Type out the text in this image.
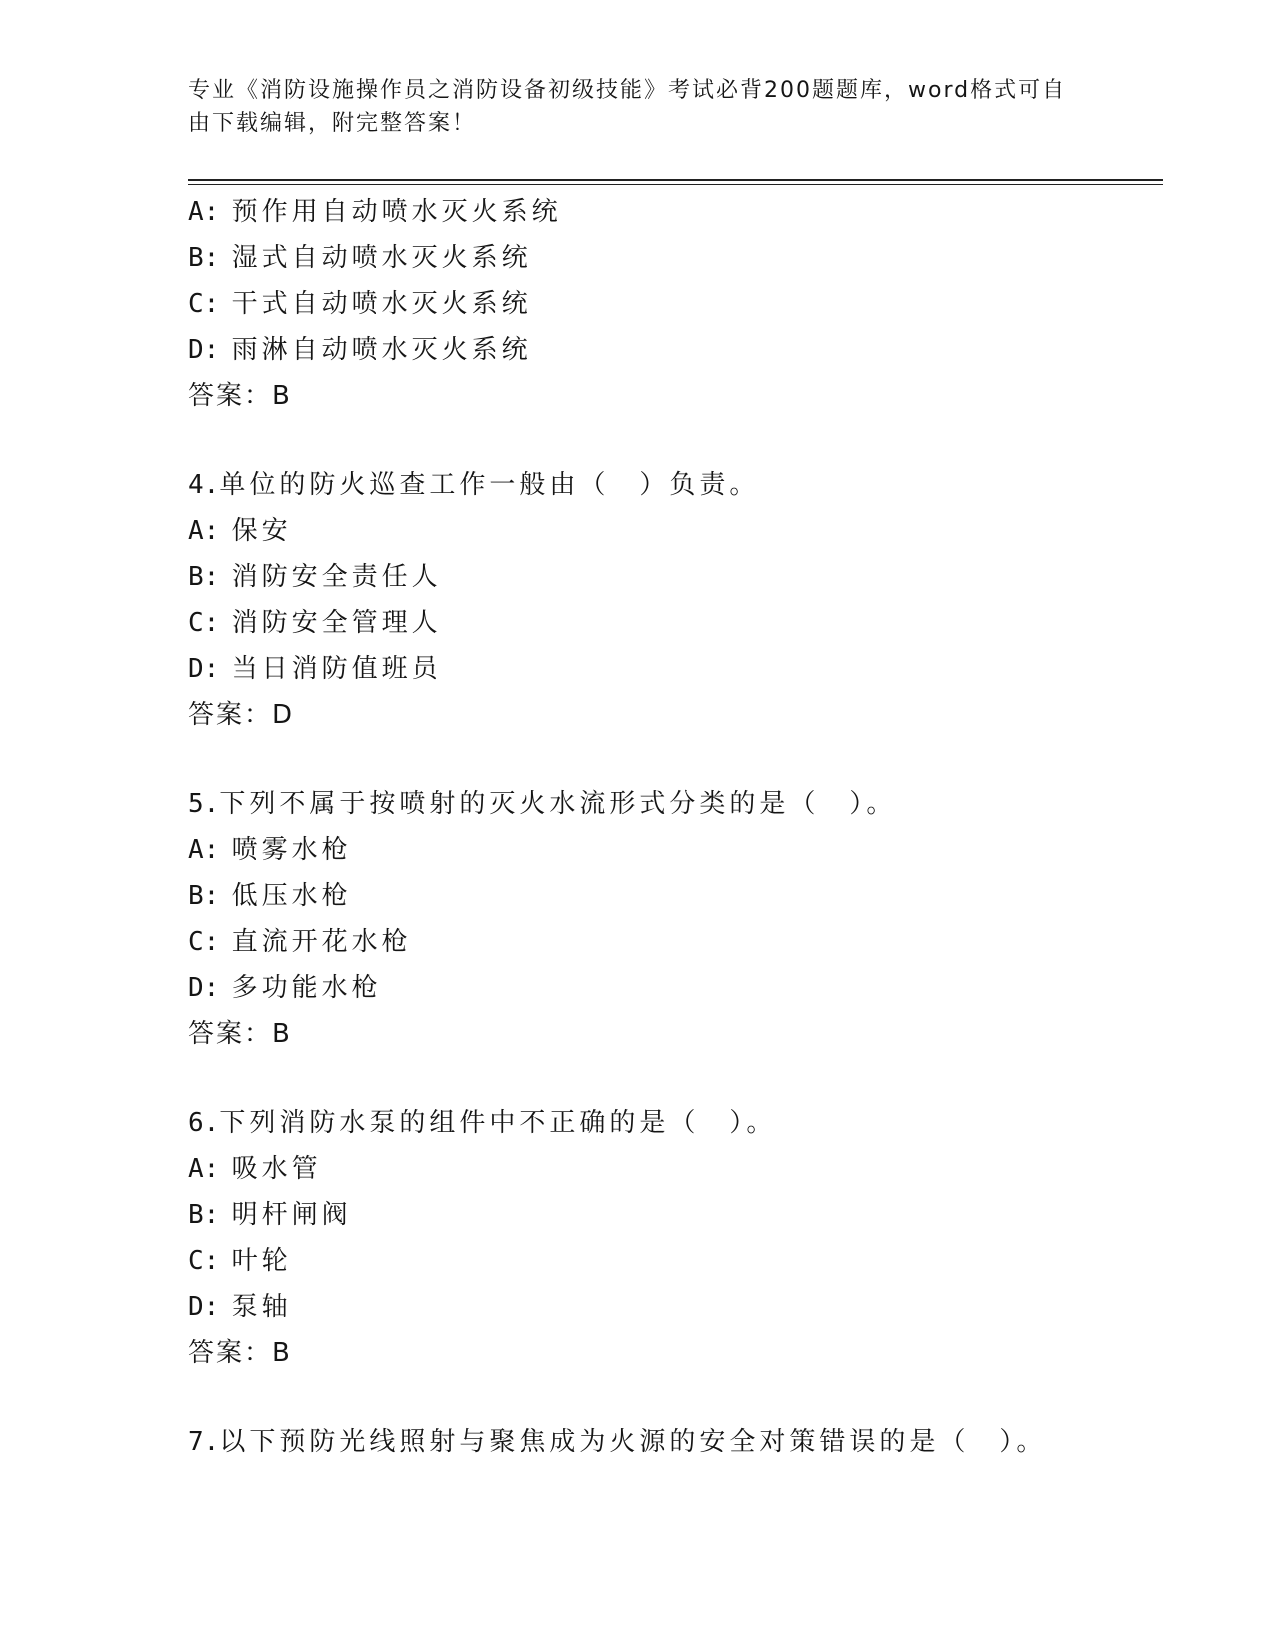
专业《消防设施操作员之消防设备初级技能》考试必背200题题库，word格式可自由下载编辑，附完整答案！
A: 预作用自动喷水灭火系统
B: 湿式自动喷水灭火系统
C: 干式自动喷水灭火系统
D: 雨淋自动喷水灭火系统
答案：B
4.单位的防火巡查工作一般由（　）负责。
A: 保安
B: 消防安全责任人
C: 消防安全管理人
D: 当日消防值班员
答案：D
5.下列不属于按喷射的灭火水流形式分类的是（　）。
A: 喷雾水枪
B: 低压水枪
C: 直流开花水枪
D: 多功能水枪
答案：B
6.下列消防水泵的组件中不正确的是（　）。
A: 吸水管
B: 明杆闸阀
C: 叶轮
D: 泵轴
答案：B
7.以下预防光线照射与聚焦成为火源的安全对策错误的是（　）。
